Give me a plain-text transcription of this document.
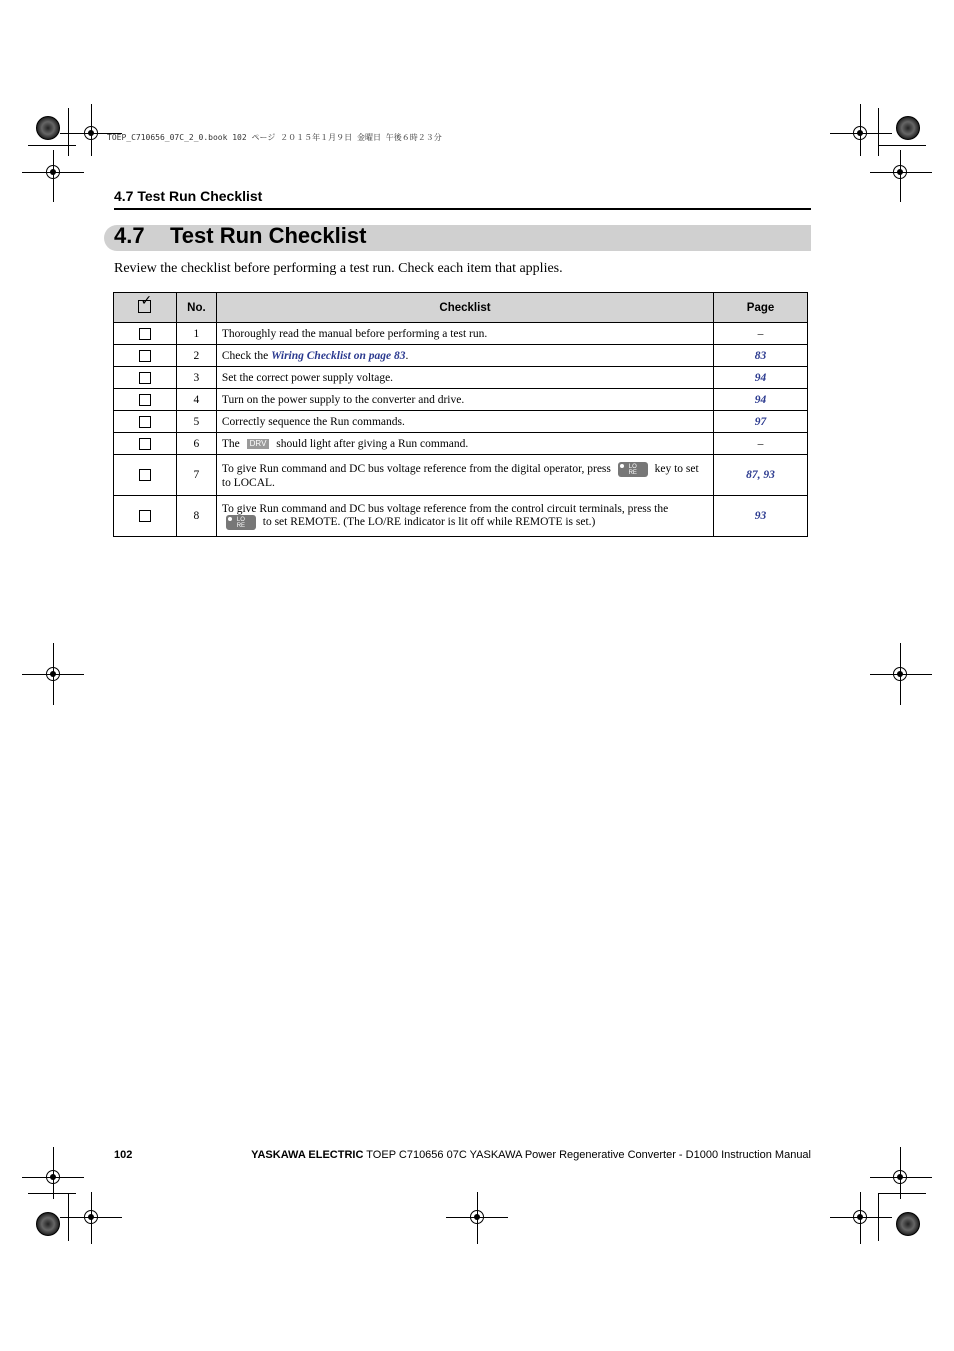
TOEP_C710656_07C_2_0.book 102 ページ ２０１５年１月９日 金曜日 午後６時２３分
4.7 Test Run Checklist
4.7 Test Run Checklist
Review the checklist before performing a test run. Check each item that applies.
✓	No.	Checklist	Page
	1	Thoroughly read the manual before performing a test run.	–
	2	Check the Wiring Checklist on page 83.	83
	3	Set the correct power supply voltage.	94
	4	Turn on the power supply to the converter and drive.	94
	5	Correctly sequence the Run commands.	97
	6	The DRV should light after giving a Run command.	–
	7	To give Run command and DC bus voltage reference from the digital operator, press LO
RE key to set to LOCAL.	87, 93
	8	To give Run command and DC bus voltage reference from the control circuit terminals, press the
LO
RE to set REMOTE. (The LO/RE indicator is lit off while REMOTE is set.)	93
102	YASKAWA ELECTRIC TOEP C710656 07C YASKAWA Power Regenerative Converter - D1000 Instruction Manual
